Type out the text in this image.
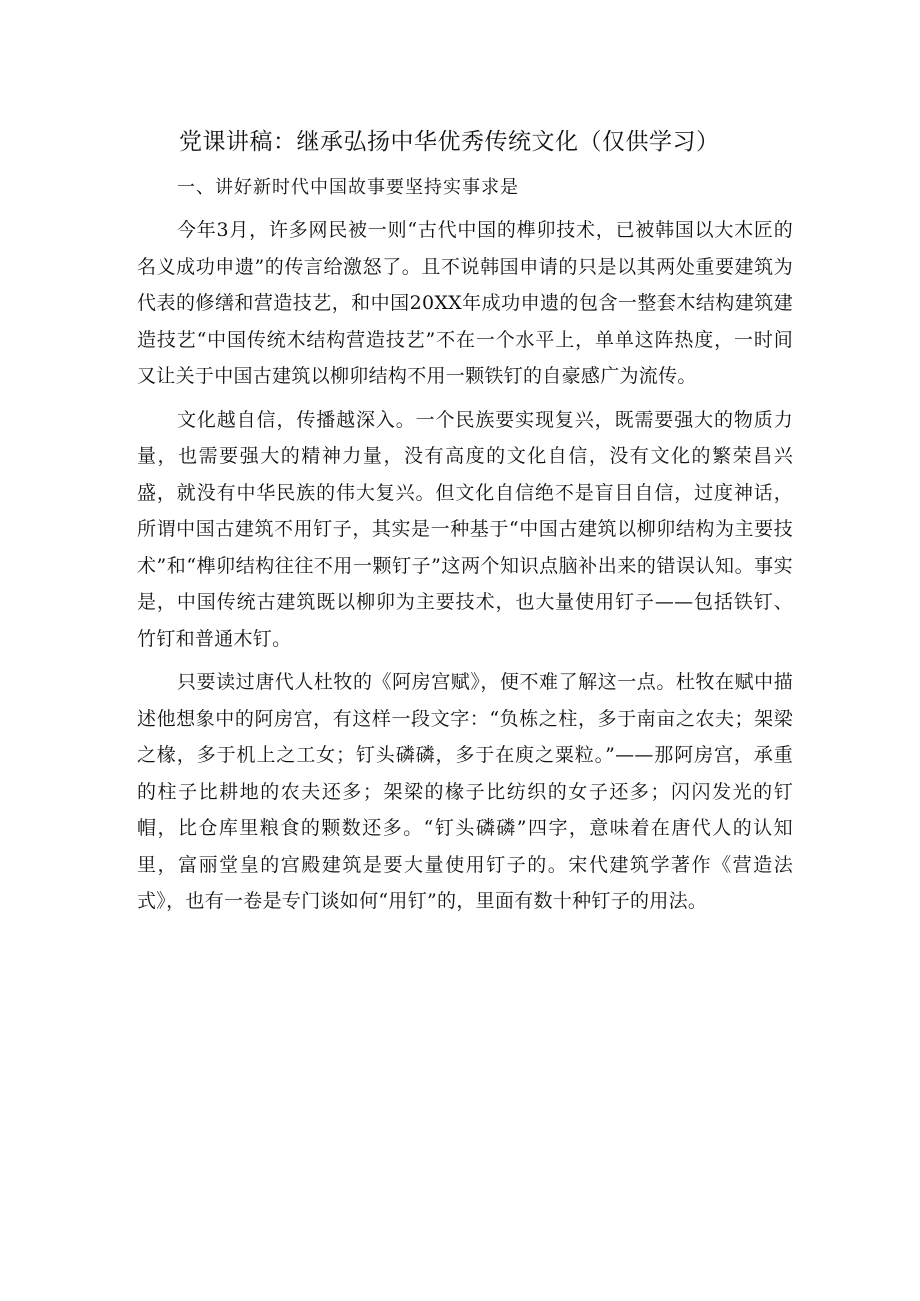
党课讲稿：继承弘扬中华优秀传统文化（仅供学习）
一、讲好新时代中国故事要坚持实事求是

今年3月，许多网民被一则“古代中国的榫卯技术，已被韩国以大木匠的名义成功申遗”的传言给激怒了。且不说韩国申请的只是以其两处重要建筑为代表的修缮和营造技艺，和中国20XX年成功申遗的包含一整套木结构建筑建造技艺“中国传统木结构营造技艺”不在一个水平上，单单这阵热度，一时间又让关于中国古建筑以柳卯结构不用一颗铁钉的自豪感广为流传。

文化越自信，传播越深入。一个民族要实现复兴，既需要强大的物质力量，也需要强大的精神力量，没有高度的文化自信，没有文化的繁荣昌兴盛，就没有中华民族的伟大复兴。但文化自信绝不是盲目自信，过度神话，所谓中国古建筑不用钉子，其实是一种基于“中国古建筑以柳卯结构为主要技术”和“榫卯结构往往不用一颗钉子”这两个知识点脑补出来的错误认知。事实是，中国传统古建筑既以柳卯为主要技术，也大量使用钉子——包括铁钉、竹钉和普通木钉。

只要读过唐代人杜牧的《阿房宫赋》，便不难了解这一点。杜牧在赋中描述他想象中的阿房宫，有这样一段文字：“负栋之柱，多于南亩之农夫；架梁之椽，多于机上之工女；钉头磷磷，多于在庾之粟粒。”——那阿房宫，承重的柱子比耕地的农夫还多；架梁的椽子比纺织的女子还多；闪闪发光的钉帽，比仓库里粮食的颗数还多。“钉头磷磷”四字，意味着在唐代人的认知里，富丽堂皇的宫殿建筑是要大量使用钉子的。宋代建筑学著作《营造法式》，也有一卷是专门谈如何“用钉”的，里面有数十种钉子的用法。
